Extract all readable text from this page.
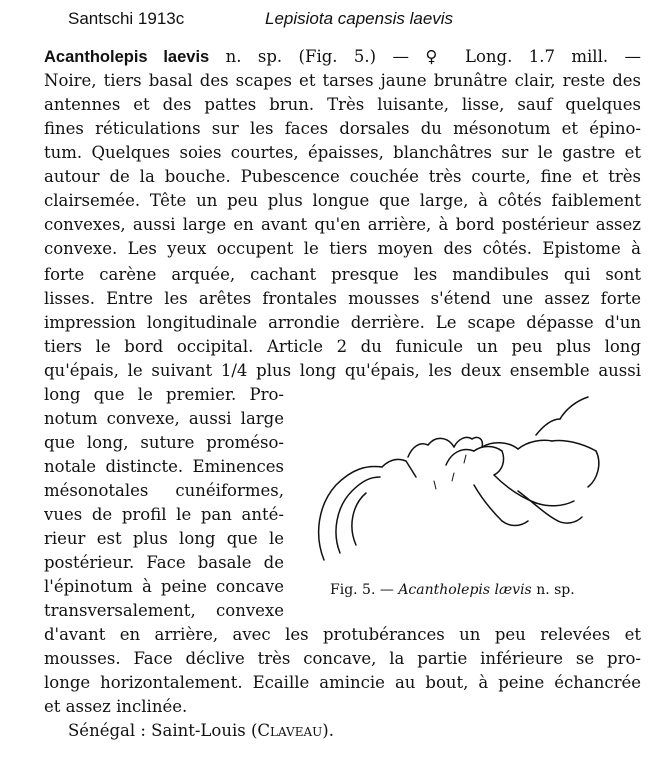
Santschi 1913c	Lepisiota capensis laevis
Acantholepis laevis n. sp. (Fig. 5.) — ♀ Long. 1.7 mill. —
Noire, tiers basal des scapes et tarses jaune brunâtre clair, reste des
antennes et des pattes brun. Très luisante, lisse, sauf quelques
fines réticulations sur les faces dorsales du mésonotum et épino-
tum. Quelques soies courtes, épaisses, blanchâtres sur le gastre et
autour de la bouche. Pubescence couchée très courte, fine et très
clairsemée. Tête un peu plus longue que large, à côtés faiblement
convexes, aussi large en avant qu'en arrière, à bord postérieur assez
convexe. Les yeux occupent le tiers moyen des côtés. Epistome à
forte carène arquée, cachant presque les mandibules qui sont
lisses. Entre les arêtes frontales mousses s'étend une assez forte
impression longitudinale arrondie derrière. Le scape dépasse d'un
tiers le bord occipital. Article 2 du funicule un peu plus long
qu'épais, le suivant 1/4 plus long qu'épais, les deux ensemble aussi
long que le premier. Pro-
notum convexe, aussi large
que long, suture proméso-
notale distincte. Eminences
mésonotales cunéiformes,
vues de profil le pan anté-
rieur est plus long que le
postérieur. Face basale de
l'épinotum à peine concave
transversalement, convexe
d'avant en arrière, avec les protubérances un peu relevées et
mousses. Face déclive très concave, la partie inférieure se pro-
longe horizontalement. Ecaille amincie au bout, à peine échancrée
et assez inclinée.
Sénégal : Saint-Louis (Claveau).
Fig. 5. — Acantholepis lævis n. sp.
